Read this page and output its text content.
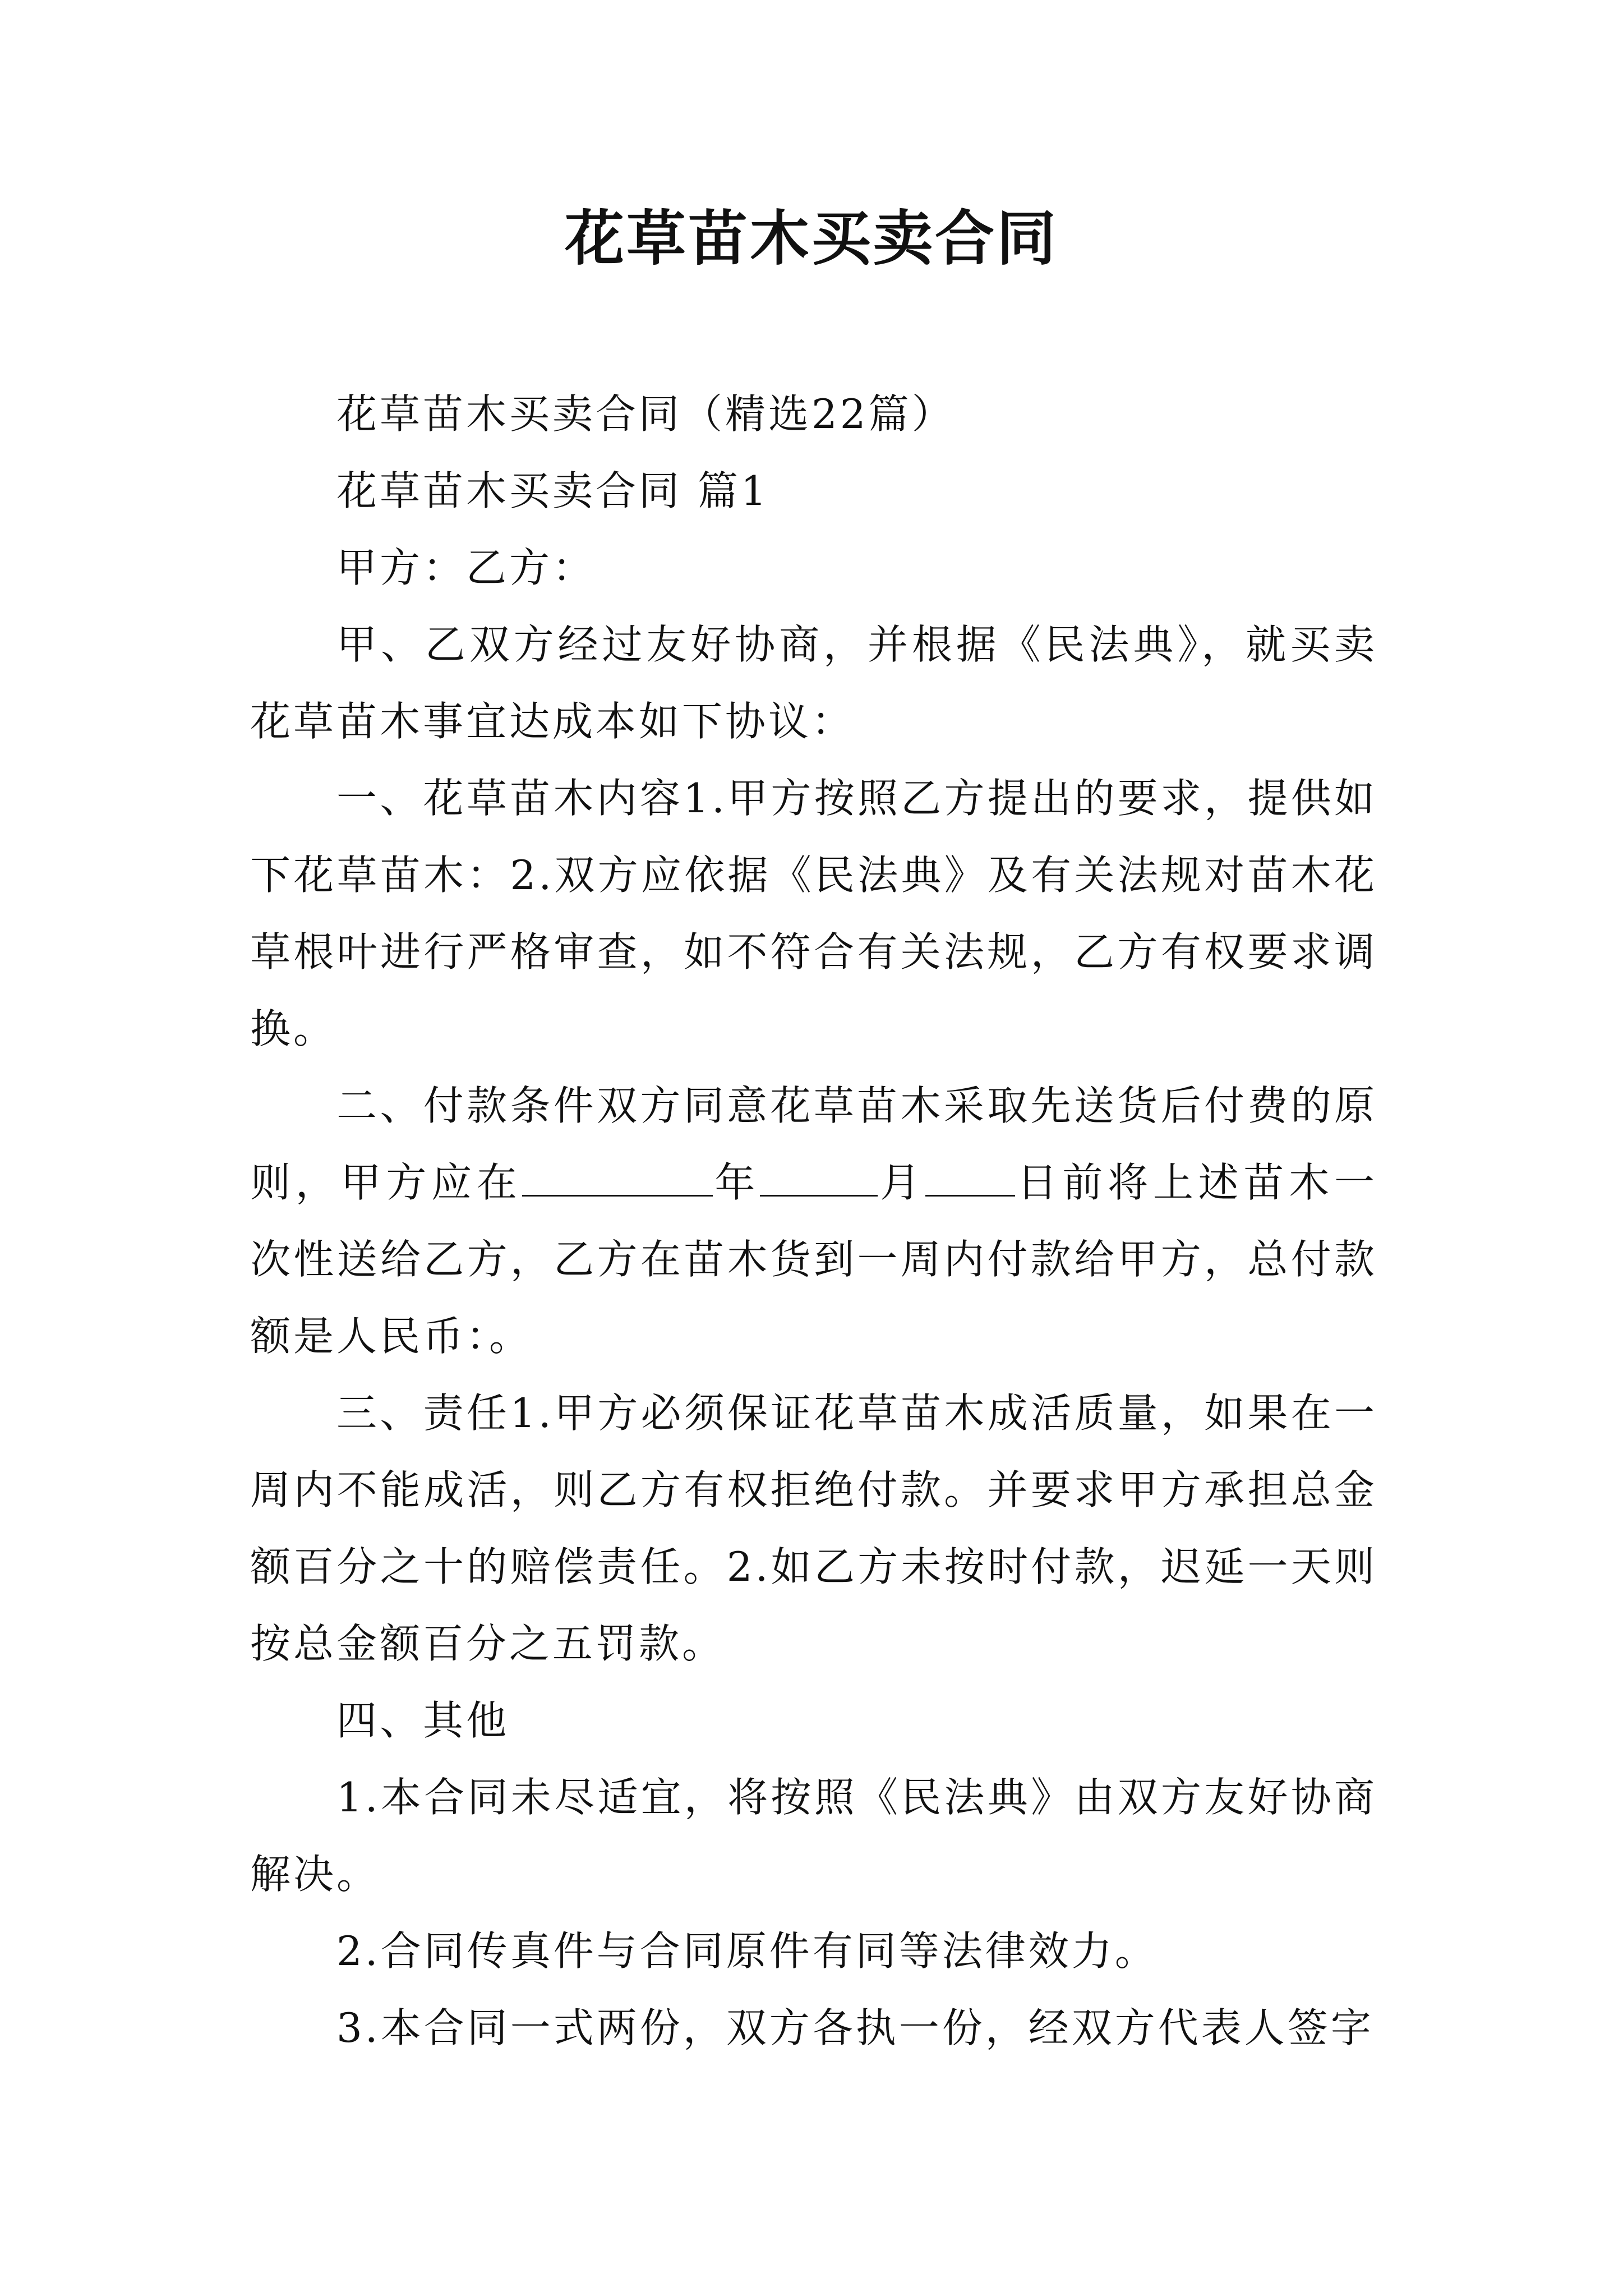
花草苗木买卖合同

花草苗木买卖合同（精选22篇）

花草苗木买卖合同 篇1

甲方：乙方：

甲、乙双方经过友好协商，并根据《民法典》，就买卖花草苗木事宜达成本如下协议：

一、花草苗木内容1.甲方按照乙方提出的要求，提供如下花草苗木：2.双方应依据《民法典》及有关法规对苗木花草根叶进行严格审查，如不符合有关法规，乙方有权要求调换。

二、付款条件双方同意花草苗木采取先送货后付费的原则，甲方应在	年	月 日前将上述苗木一次性送给乙方，乙方在苗木货到一周内付款给甲方，总付款额是人民币：。

三、责任1.甲方必须保证花草苗木成活质量，如果在一周内不能成活，则乙方有权拒绝付款。并要求甲方承担总金额百分之十的赔偿责任。2.如乙方未按时付款，迟延一天则按总金额百分之五罚款。

四、其他

1.本合同未尽适宜，将按照《民法典》由双方友好协商解决。

2.合同传真件与合同原件有同等法律效力。

3.本合同一式两份，双方各执一份，经双方代表人签字
